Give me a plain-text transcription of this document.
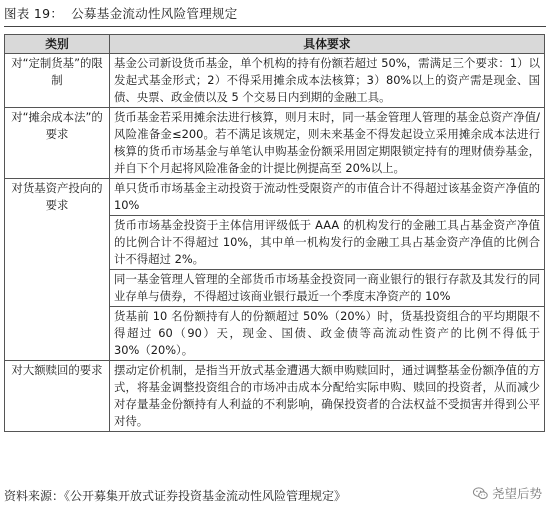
图表 19： 公募基金流动性风险管理规定
类别	具体要求
对“定制货基”的限制	基金公司新设货币基金，单个机构的持有份额若超过 50%，需满足三个要求：1）以发起式基金形式；2）不得采用摊余成本法核算；3）80%以上的资产需是现金、国债、央票、政金债以及 5 个交易日内到期的金融工具。
对“摊余成本法”的要求	货币基金若采用摊余法进行核算，则月末时，同一基金管理人管理的基金总资产净值/风险准备金≤200。若不满足该规定，则未来基金不得发起设立采用摊余成本法进行核算的货币市场基金与单笔认申购基金份额采用固定期限锁定持有的理财债券基金，并自下个月起将风险准备金的计提比例提高至 20%以上。
对货基资产投向的要求	单只货币市场基金主动投资于流动性受限资产的市值合计不得超过该基金资产净值的 10%
	货币市场基金投资于主体信用评级低于 AAA 的机构发行的金融工具占基金资产净值的比例合计不得超过 10%，其中单一机构发行的金融工具占基金资产净值的比例合计不得超过 2%。
	同一基金管理人管理的全部货币市场基金投资同一商业银行的银行存款及其发行的同业存单与债券，不得超过该商业银行最近一个季度末净资产的 10%
	货基前 10 名份额持有人的份额超过 50%（20%）时，货基投资组合的平均期限不得超过 60（90）天，现金、国债、政金债等高流动性资产的比例不得低于 30%（20%）。
对大额赎回的要求	摆动定价机制，是指当开放式基金遭遇大额申购赎回时，通过调整基金份额净值的方式，将基金调整投资组合的市场冲击成本分配给实际申购、赎回的投资者，从而减少对存量基金份额持有人利益的不利影响，确保投资者的合法权益不受损害并得到公平对待。
资料来源：《公开募集开放式证券投资基金流动性风险管理规定》	尧望后势
